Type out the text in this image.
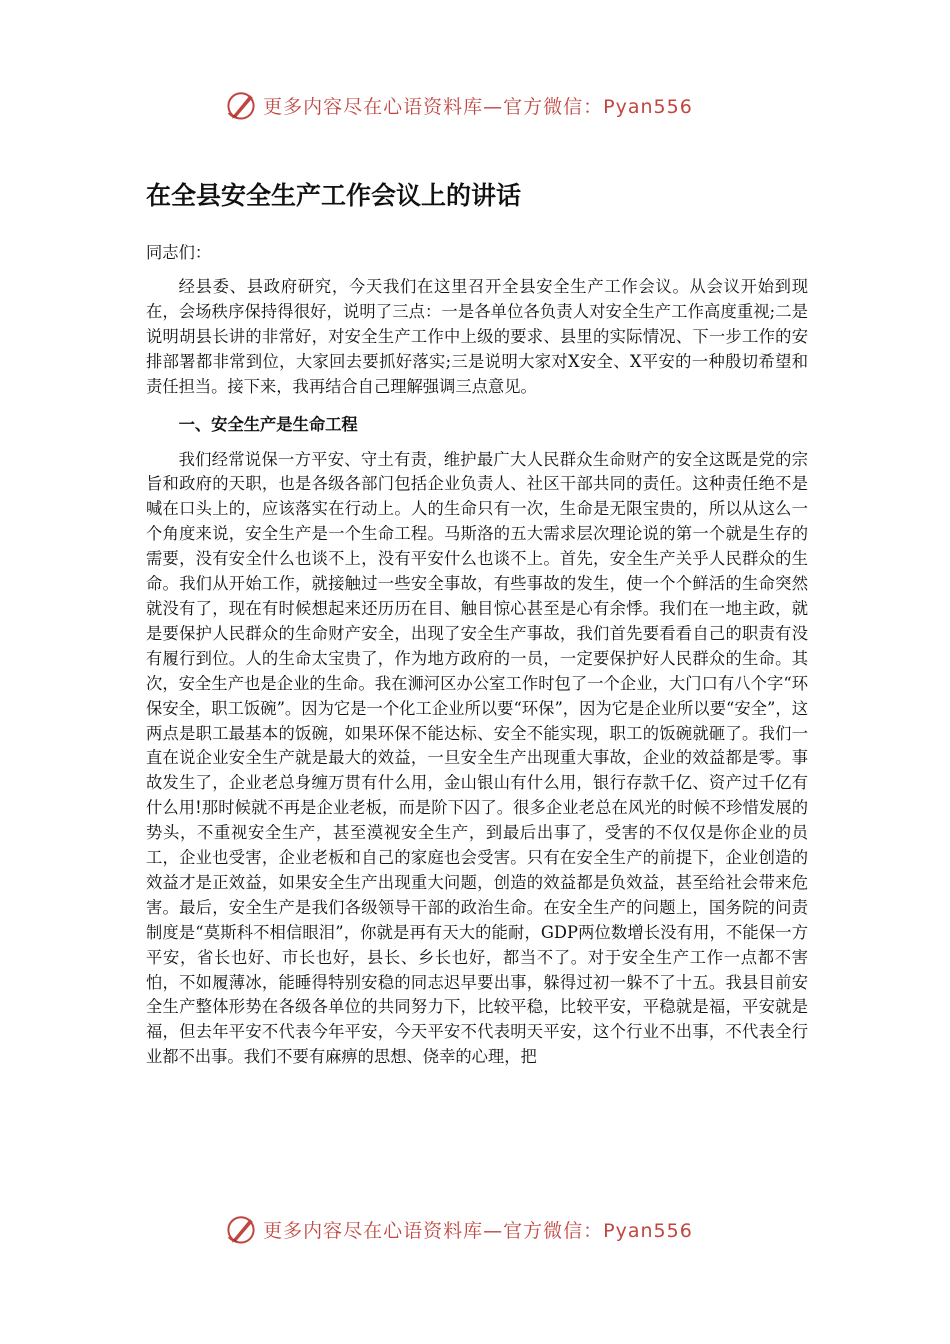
更多内容尽在心语资料库—官方微信：Pyan556
在全县安全生产工作会议上的讲话
同志们：

经县委、县政府研究，今天我们在这里召开全县安全生产工作会议。从会议开始到现在，会场秩序保持得很好，说明了三点：一是各单位各负责人对安全生产工作高度重视;二是说明胡县长讲的非常好，对安全生产工作中上级的要求、县里的实际情况、下一步工作的安排部署都非常到位，大家回去要抓好落实;三是说明大家对X安全、X平安的一种殷切希望和责任担当。接下来，我再结合自己理解强调三点意见。

一、安全生产是生命工程

我们经常说保一方平安、守土有责，维护最广大人民群众生命财产的安全这既是党的宗旨和政府的天职，也是各级各部门包括企业负责人、社区干部共同的责任。这种责任绝不是喊在口头上的，应该落实在行动上。人的生命只有一次，生命是无限宝贵的，所以从这么一个角度来说，安全生产是一个生命工程。马斯洛的五大需求层次理论说的第一个就是生存的需要，没有安全什么也谈不上，没有平安什么也谈不上。首先，安全生产关乎人民群众的生命。我们从开始工作，就接触过一些安全事故，有些事故的发生，使一个个鲜活的生命突然就没有了，现在有时候想起来还历历在目、触目惊心甚至是心有余悸。我们在一地主政，就是要保护人民群众的生命财产安全，出现了安全生产事故，我们首先要看看自己的职责有没有履行到位。人的生命太宝贵了，作为地方政府的一员，一定要保护好人民群众的生命。其次，安全生产也是企业的生命。我在浉河区办公室工作时包了一个企业，大门口有八个字“环保安全，职工饭碗”。因为它是一个化工企业所以要“环保”，因为它是企业所以要“安全”，这两点是职工最基本的饭碗，如果环保不能达标、安全不能实现，职工的饭碗就砸了。我们一直在说企业安全生产就是最大的效益，一旦安全生产出现重大事故，企业的效益都是零。事故发生了，企业老总身缠万贯有什么用，金山银山有什么用，银行存款千亿、资产过千亿有什么用!那时候就不再是企业老板，而是阶下囚了。很多企业老总在风光的时候不珍惜发展的势头，不重视安全生产，甚至漠视安全生产，到最后出事了，受害的不仅仅是你企业的员工，企业也受害，企业老板和自己的家庭也会受害。只有在安全生产的前提下，企业创造的效益才是正效益，如果安全生产出现重大问题，创造的效益都是负效益，甚至给社会带来危害。最后，安全生产是我们各级领导干部的政治生命。在安全生产的问题上，国务院的问责制度是“莫斯科不相信眼泪”，你就是再有天大的能耐，GDP两位数增长没有用，不能保一方平安，省长也好、市长也好，县长、乡长也好，都当不了。对于安全生产工作一点都不害怕，不如履薄冰，能睡得特别安稳的同志迟早要出事，躲得过初一躲不了十五。我县目前安全生产整体形势在各级各单位的共同努力下，比较平稳，比较平安，平稳就是福，平安就是福，但去年平安不代表今年平安，今天平安不代表明天平安，这个行业不出事，不代表全行业都不出事。我们不要有麻痹的思想、侥幸的心理，把

更多内容尽在心语资料库—官方微信：Pyan556
